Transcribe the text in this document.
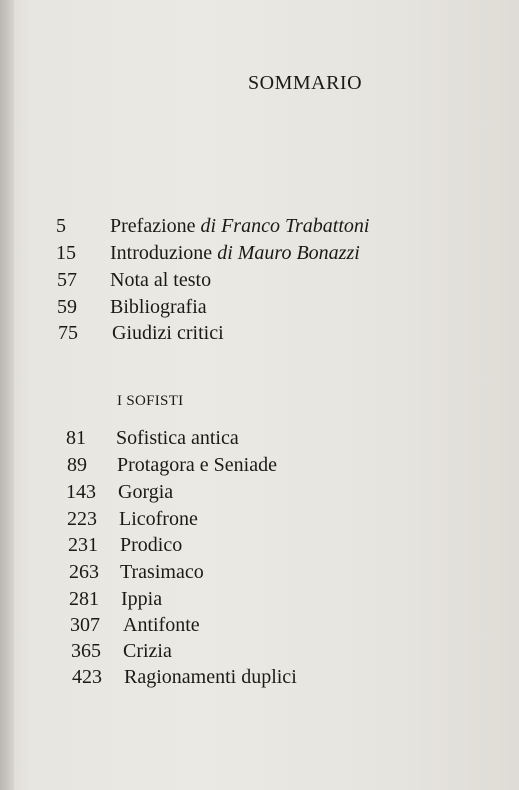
SOMMARIO
5 Prefazione di Franco Trabattoni
15 Introduzione di Mauro Bonazzi
57 Nota al testo
59 Bibliografia
75 Giudizi critici
I SOFISTI
81 Sofistica antica
89 Protagora e Seniade
143 Gorgia
223 Licofrone
231 Prodico
263 Trasimaco
281 Ippia
307 Antifonte
365 Crizia
423 Ragionamenti duplici
